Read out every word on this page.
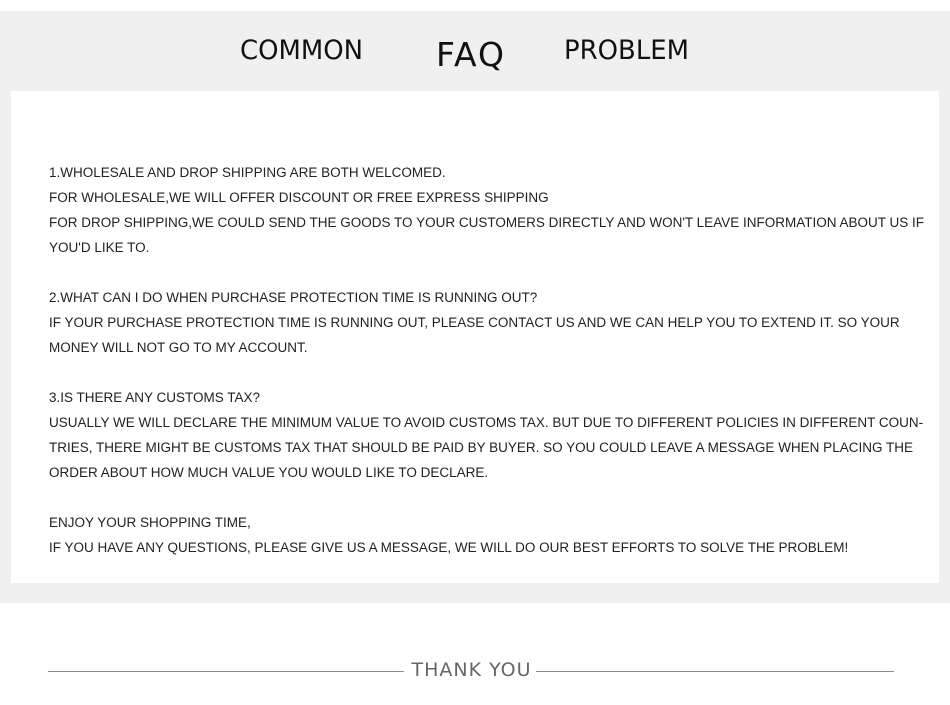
COMMON FAQ PROBLEM
1.WHOLESALE AND DROP SHIPPING ARE BOTH WELCOMED.
FOR WHOLESALE,WE WILL OFFER DISCOUNT OR FREE EXPRESS SHIPPING
FOR DROP SHIPPING,WE COULD SEND THE GOODS TO YOUR CUSTOMERS DIRECTLY AND WON'T LEAVE INFORMATION ABOUT US IF
YOU'D LIKE TO.
2.WHAT CAN I DO WHEN PURCHASE PROTECTION TIME IS RUNNING OUT?
IF YOUR PURCHASE PROTECTION TIME IS RUNNING OUT, PLEASE CONTACT US AND WE CAN HELP YOU TO EXTEND IT. SO YOUR
MONEY WILL NOT GO TO MY ACCOUNT.
3.IS THERE ANY CUSTOMS TAX?
USUALLY WE WILL DECLARE THE MINIMUM VALUE TO AVOID CUSTOMS TAX. BUT DUE TO DIFFERENT POLICIES IN DIFFERENT COUN-
TRIES, THERE MIGHT BE CUSTOMS TAX THAT SHOULD BE PAID BY BUYER. SO YOU COULD LEAVE A MESSAGE WHEN PLACING THE
ORDER ABOUT HOW MUCH VALUE YOU WOULD LIKE TO DECLARE.
ENJOY YOUR SHOPPING TIME,
IF YOU HAVE ANY QUESTIONS, PLEASE GIVE US A MESSAGE, WE WILL DO OUR BEST EFFORTS TO SOLVE THE PROBLEM!
THANK YOU
